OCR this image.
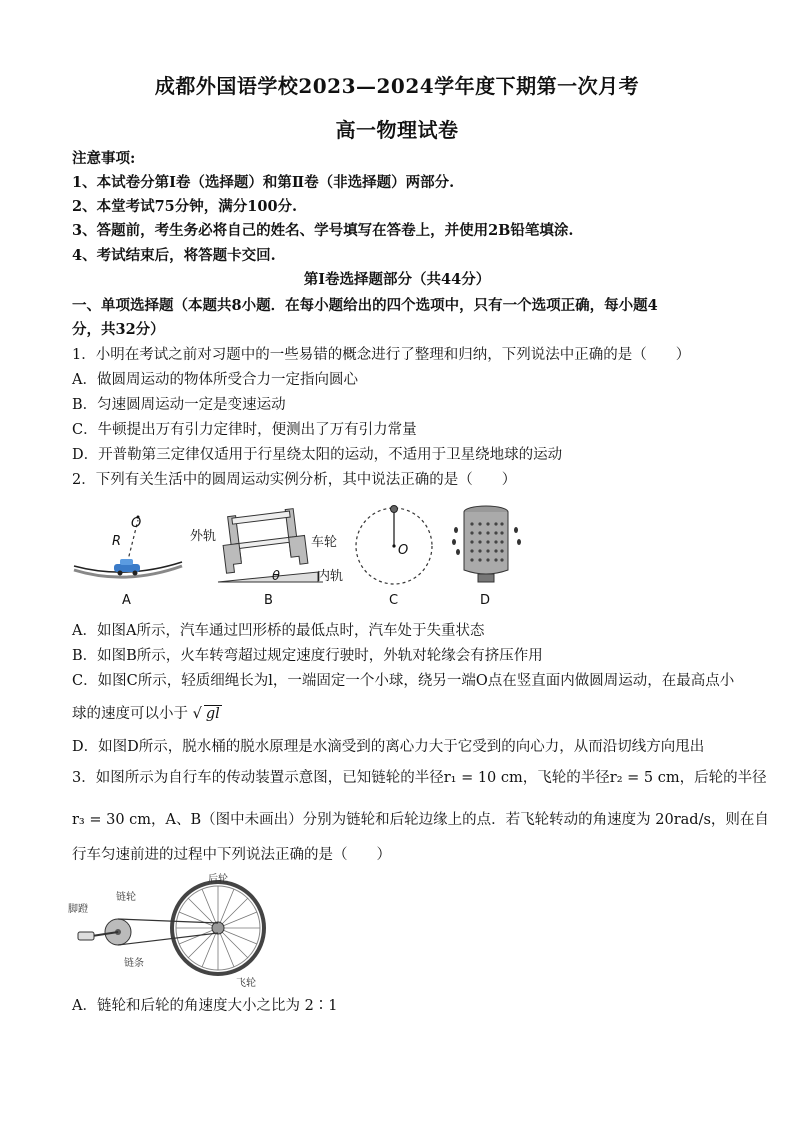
成都外国语学校2023—2024学年度下期第一次月考
高一物理试卷
注意事项:
1、本试卷分第Ⅰ卷（选择题）和第Ⅱ卷（非选择题）两部分.
2、本堂考试75分钟，满分100分.
3、答题前，考生务必将自己的姓名、学号填写在答卷上，并使用2B铅笔填涂.
4、考试结束后，将答题卡交回.
第Ⅰ卷选择题部分（共44分）
一、单项选择题（本题共8小题．在每小题给出的四个选项中，只有一个选项正确，每小题4
分，共32分）
1．小明在考试之前对习题中的一些易错的概念进行了整理和归纳，下列说法中正确的是（　　）
A．做圆周运动的物体所受合力一定指向圆心
B．匀速圆周运动一定是变速运动
C．牛顿提出万有引力定律时，便测出了万有引力常量
D．开普勒第三定律仅适用于行星绕太阳的运动，不适用于卫星绕地球的运动
2．下列有关生活中的圆周运动实例分析，其中说法正确的是（　　）
O
R
A
θ
外轨	车轮
内轨
B
O
C	D
A．如图A所示，汽车通过凹形桥的最低点时，汽车处于失重状态
B．如图B所示，火车转弯超过规定速度行驶时，外轨对轮缘会有挤压作用
C．如图C所示，轻质细绳长为l，一端固定一个小球，绕另一端O点在竖直面内做圆周运动，在最高点小
球的速度可以小于 √ gl
D．如图D所示，脱水桶的脱水原理是水滴受到的离心力大于它受到的向心力，从而沿切线方向甩出
3．如图所示为自行车的传动装置示意图，已知链轮的半径r₁ = 10 cm，飞轮的半径r₂ = 5 cm，后轮的半径
r₃ = 30 cm，A、B（图中未画出）分别为链轮和后轮边缘上的点．若飞轮转动的角速度为 20rad/s，则在自
行车匀速前进的过程中下列说法正确的是（　　）
脚蹬
链轮
后轮
链条
飞轮
A．链轮和后轮的角速度大小之比为 2∶1
